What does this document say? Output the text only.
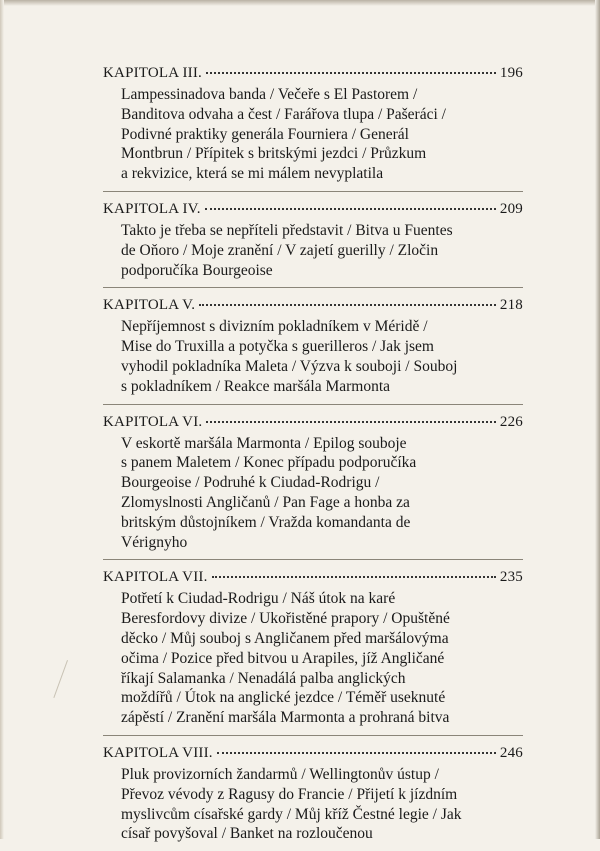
KAPITOLA III.	196
Lampessinadova banda / Večeře s El Pastorem /
Banditova odvaha a čest / Farářova tlupa / Pašeráci /
Podivné praktiky generála Fourniera / Generál
Montbrun / Přípitek s britskými jezdci / Průzkum
a rekvizice, která se mi málem nevyplatila
KAPITOLA IV.	209
Takto je třeba se nepříteli představit / Bitva u Fuentes
de Oňoro / Moje zranění / V zajetí guerilly / Zločin
podporučíka Bourgeoise
KAPITOLA V.	218
Nepříjemnost s divizním pokladníkem v Méridě /
Mise do Truxilla a potyčka s guerilleros / Jak jsem
vyhodil pokladníka Maleta / Výzva k souboji / Souboj
s pokladníkem / Reakce maršála Marmonta
KAPITOLA VI.	226
V eskortě maršála Marmonta / Epilog souboje
s panem Maletem / Konec případu podporučíka
Bourgeoise / Podruhé k Ciudad-Rodrigu /
Zlomyslnosti Angličanů / Pan Fage a honba za
britským důstojníkem / Vražda komandanta de
Vérignyho
KAPITOLA VII.	235
Potřetí k Ciudad-Rodrigu / Náš útok na karé
Beresfordovy divize / Ukořistěné prapory / Opuštěné
děcko / Můj souboj s Angličanem před maršálovýma
očima / Pozice před bitvou u Arapiles, jíž Angličané
říkají Salamanka / Nenadálá palba anglických
moždířů / Útok na anglické jezdce / Téměř useknuté
zápěstí / Zranění maršála Marmonta a prohraná bitva
KAPITOLA VIII.	246
Pluk provizorních žandarmů / Wellingtonův ústup /
Převoz vévody z Ragusy do Francie / Přijetí k jízdním
myslivcům císařské gardy / Můj kříž Čestné legie / Jak
císař povyšoval / Banket na rozloučenou
